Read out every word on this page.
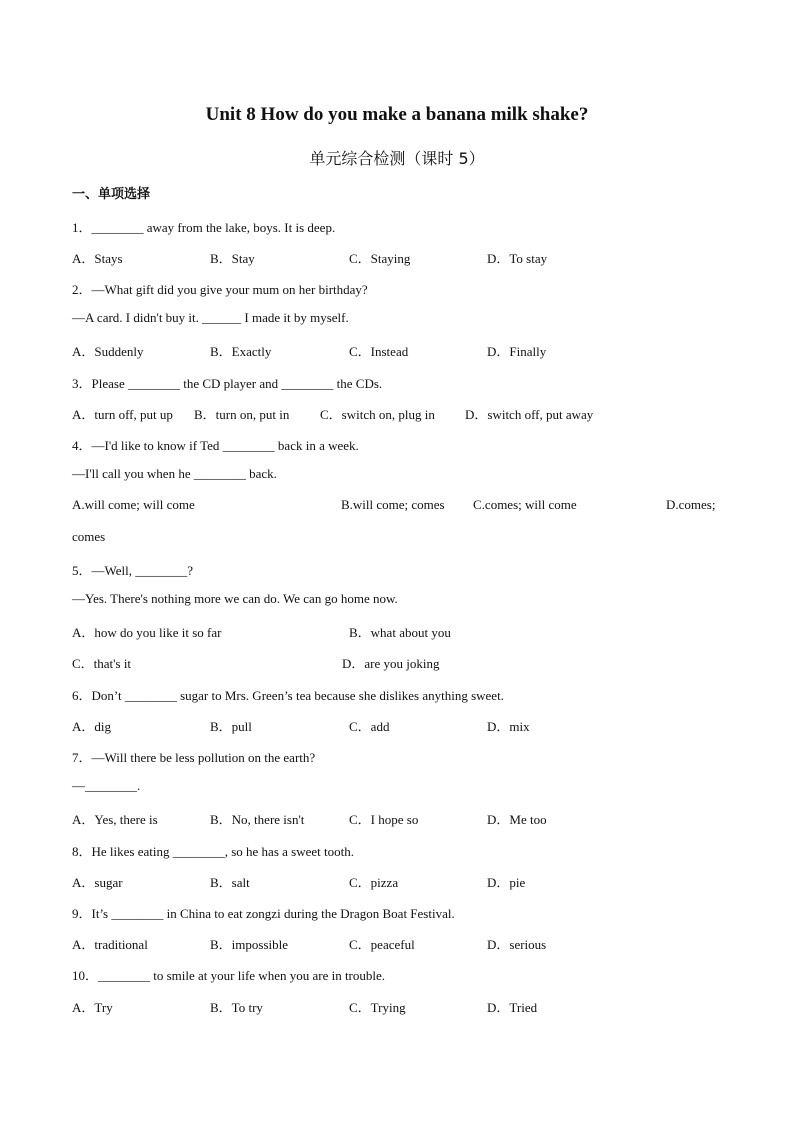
Unit 8 How do you make a banana milk shake?
单元综合检测（课时 5）
一、单项选择
1．________ away from the lake, boys. It is deep.
A．Stays	B．Stay	C．Staying	D．To stay
2．—What gift did you give your mum on her birthday?
—A card. I didn't buy it. ______ I made it by myself.
A．Suddenly	B．Exactly	C．Instead	D．Finally
3．Please ________ the CD player and ________ the CDs.
A．turn off, put up B．turn on, put in C．switch on, plug in D．switch off, put away
4．—I'd like to know if Ted ________ back in a week.
—I'll call you when he ________ back.
A.will come; will come	B.will come; comes C.comes; will come	D.comes;
comes
5．—Well, ________?
—Yes. There's nothing more we can do. We can go home now.
A．how do you like it so far	B．what about you
C．that's it	D．are you joking
6．Don’t ________ sugar to Mrs. Green’s tea because she dislikes anything sweet.
A．dig	B．pull	C．add	D．mix
7．—Will there be less pollution on the earth?
—________.
A．Yes, there is	B．No, there isn't	C．I hope so	D．Me too
8．He likes eating ________, so he has a sweet tooth.
A．sugar	B．salt	C．pizza	D．pie
9．It’s ________ in China to eat zongzi during the Dragon Boat Festival.
A．traditional	B．impossible	C．peaceful	D．serious
10．________ to smile at your life when you are in trouble.
A．Try	B．To try	C．Trying	D．Tried
